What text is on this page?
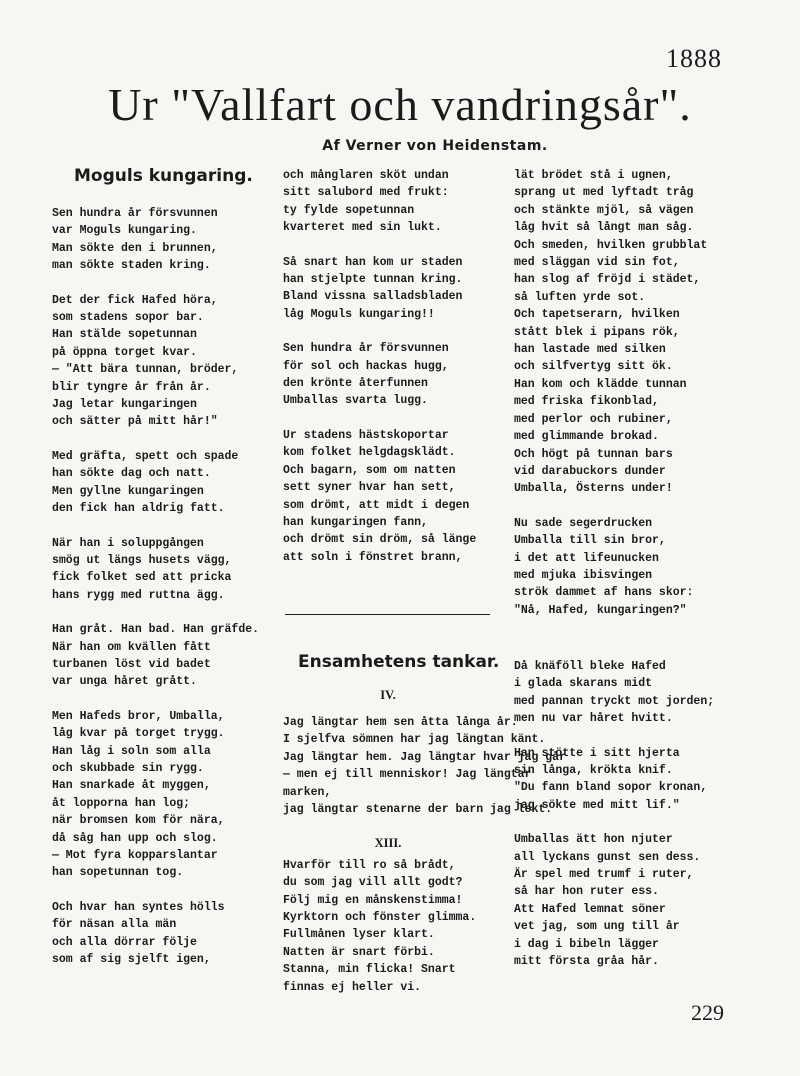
1888
Ur "Vallfart och vandringsår".
Af Verner von Heidenstam.
Moguls kungaring.
Sen hundra år försvunnen
var Moguls kungaring.
Man sökte den i brunnen,
man sökte staden kring.
Det der fick Hafed höra,
som stadens sopor bar.
Han stälde sopetunnan
på öppna torget kvar.
— "Att bära tunnan, bröder,
blir tyngre år från år.
Jag letar kungaringen
och sätter på mitt hår!"
Med gräfta, spett och spade
han sökte dag och natt.
Men gyllne kungaringen
den fick han aldrig fatt.
När han i soluppgången
smög ut längs husets vägg,
fick folket sed att pricka
hans rygg med ruttna ägg.
Han gråt. Han bad. Han gräfde.
När han om kvällen fått
turbanen löst vid badet
var unga håret grått.
Men Hafeds bror, Umballa,
låg kvar på torget trygg.
Han låg i soln som alla
och skubbade sin rygg.
Han snarkade åt myggen,
åt lopporna han log;
när bromsen kom för nära,
då såg han upp och slog.
— Mot fyra kopparslantar
han sopetunnan tog.
Och hvar han syntes hölls
för näsan alla män
och alla dörrar följe
som af sig sjelft igen,
och månglaren sköt undan
sitt salubord med frukt:
ty fylde sopetunnan
kvarteret med sin lukt.
Så snart han kom ur staden
han stjelpte tunnan kring.
Bland vissna salladsbladen
låg Moguls kungaring!!
Sen hundra år försvunnen
för sol och hackas hugg,
den krönte återfunnen
Umballas svarta lugg.
Ur stadens hästskoportar
kom folket helgdagsklädt.
Och bagarn, som om natten
sett syner hvar han sett,
som drömt, att midt i degen
han kungaringen fann,
och drömt sin dröm, så länge
att soln i fönstret brann,
lät brödet stå i ugnen,
sprang ut med lyftadt tråg
och stänkte mjöl, så vägen
låg hvit så långt man såg.
Och smeden, hvilken grubblat
med släggan vid sin fot,
han slog af fröjd i städet,
så luften yrde sot.
Och tapetserarn, hvilken
stått blek i pipans rök,
han lastade med silken
och silfvertyg sitt ök.
Han kom och klädde tunnan
med friska fikonblad,
med perlor och rubiner,
med glimmande brokad.
Och högt på tunnan bars
vid darabuckors dunder
Umballa, Österns under!
Nu sade segerdrucken
Umballa till sin bror,
i det att lifeunucken
med mjuka ibisvingen
strök dammet af hans skor:
"Nå, Hafed, kungaringen?"
Ensamhetens tankar.
IV.
Jag längtar hem sen åtta långa år.
I sjelfva sömnen har jag längtan känt.
Jag längtar hem. Jag längtar hvar jag går
— men ej till menniskor! Jag längtar
marken,
jag längtar stenarne der barn jag lekt.
XIII.
Hvarför till ro så brådt,
du som jag vill allt godt?
Följ mig en månskenstimma!
Kyrktorn och fönster glimma.
Fullmånen lyser klart.
Natten är snart förbi.
Stanna, min flicka! Snart
finnas ej heller vi.
Då knäföll bleke Hafed
i glada skarans midt
med pannan tryckt mot jorden;
men nu var håret hvitt.
Han stötte i sitt hjerta
sin långa, krökta knif.
"Du fann bland sopor kronan,
jag sökte med mitt lif."
Umballas ätt hon njuter
all lyckans gunst sen dess.
Är spel med trumf i ruter,
så har hon ruter ess.
Att Hafed lemnat söner
vet jag, som ung till år
i dag i bibeln lägger
mitt första gråa hår.
229
